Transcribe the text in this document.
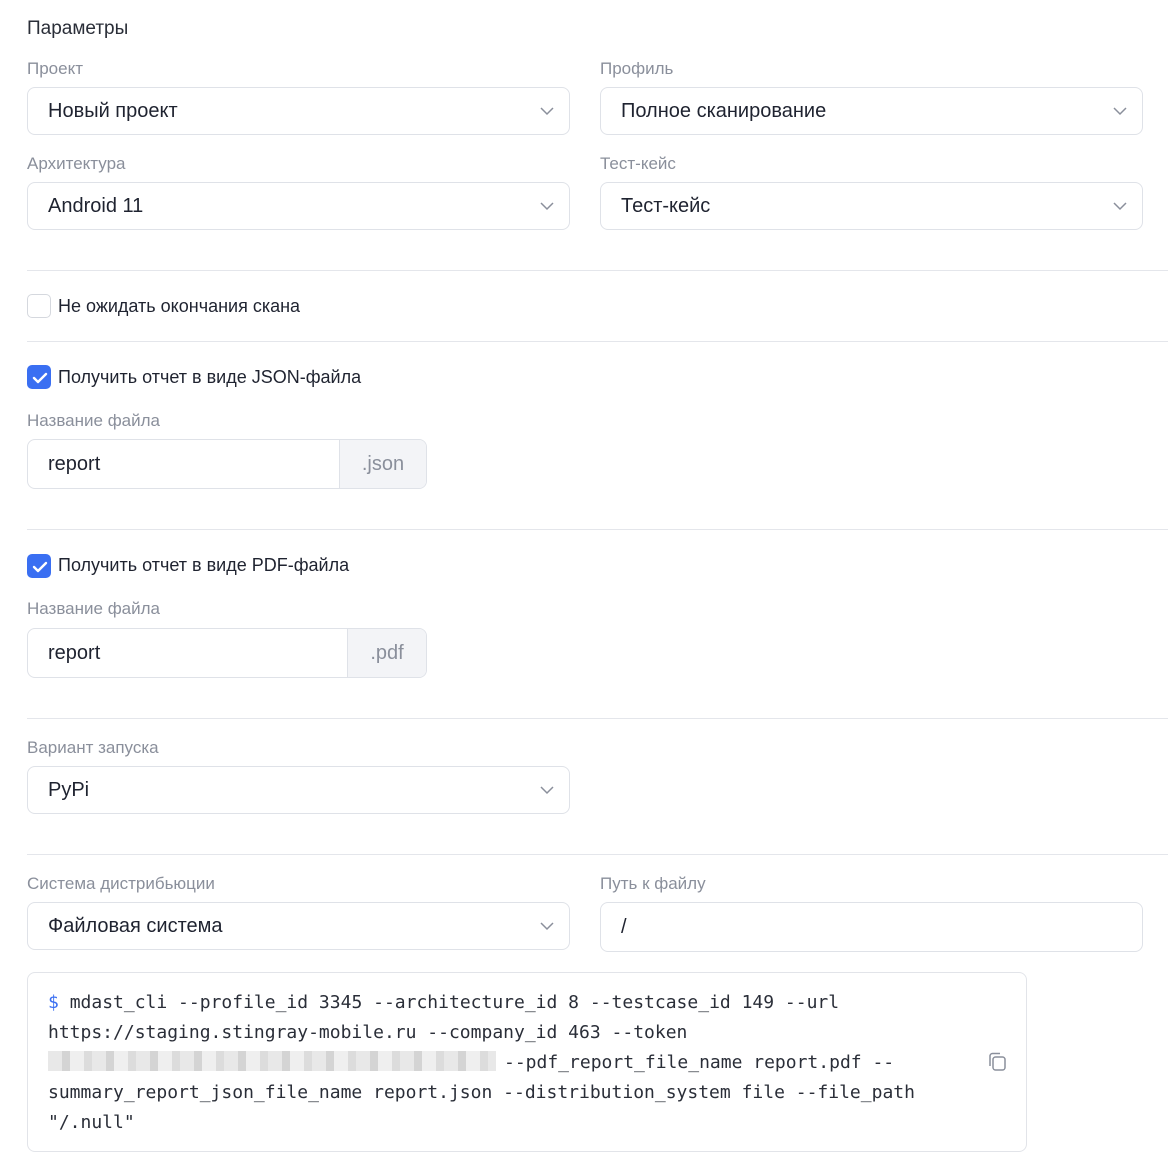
Параметры
Проект
Новый проект
Профиль
Полное сканирование
Архитектура
Android 11
Тест-кейс
Тест-кейс
Не ожидать окончания скана
Получить отчет в виде JSON-файла
Название файла
report	.json
Получить отчет в виде PDF-файла
Название файла
report	.pdf
Вариант запуска
PyPi
Система дистрибьюции
Файловая система
Путь к файлу
/
$ mdast_cli --profile_id 3345 --architecture_id 8 --testcase_id 149 --url
https://staging.stingray-mobile.ru --company_id 463 --token
--pdf_report_file_name report.pdf --
summary_report_json_file_name report.json --distribution_system file --file_path
"/.null"
